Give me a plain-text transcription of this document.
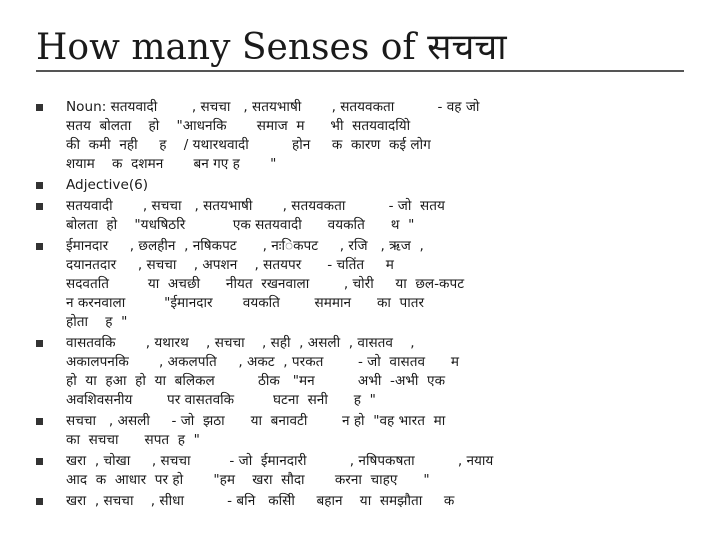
How many Senses of सचचा
Noun: सतयवादी        , सचचा   , सतयभाषी       , सतयवकता          - वह जो
सतय  बोलता    हो    "आधनकि       समाज  म      भी  सतयवादयिो
की  कमी  नही     ह    / यथारथवादी          होन     क  कारण  कई लोग
शयाम    क  दशमन       बन गए ह       "
Adjective(6)
सतयवादी       , सचचा   , सतयभाषी       , सतयवकता          - जो  सतय
बोलता  हो    "यधषिठरि           एक सतयवादी      वयकति      थ  "
ईमानदार     , छलहीन  , नषिकपट      , नःिकपट     , रजि   , ऋज  ,
दयानतदार     , सचचा    , अपशन    , सतयपर      - चतिंत     म
सदवतति         या  अचछी      नीयत  रखनवाला        , चोरी     या  छल-कपट
न करनवाला         "ईमानदार       वयकति        सममान      का  पातर
होता    ह  "
वासतवकि       , यथारथ    , सचचा    , सही  , असली  , वासतव    ,
अकालपनकि       , अकलपति     , अकट  , परकत        - जो  वासतव      म
हो  या  हआ  हो  या  बलिकल          ठीक   "मन          अभी  -अभी  एक
अवशिवसनीय        पर वासतवकि         घटना  सनी      ह  "
सचचा   , असली     - जो  झठा      या  बनावटी        न हो  "वह भारत  मा
का  सचचा      सपत  ह  "
खरा  , चोखा     , सचचा         - जो  ईमानदारी          , नषिपकषता          , नयाय
आद  क  आधार  पर हो       "हम    खरा  सौदा       करना  चाहए      "
खरा  , सचचा    , सीधा          - बनि   कसिी     बहान    या  समझौता     क
